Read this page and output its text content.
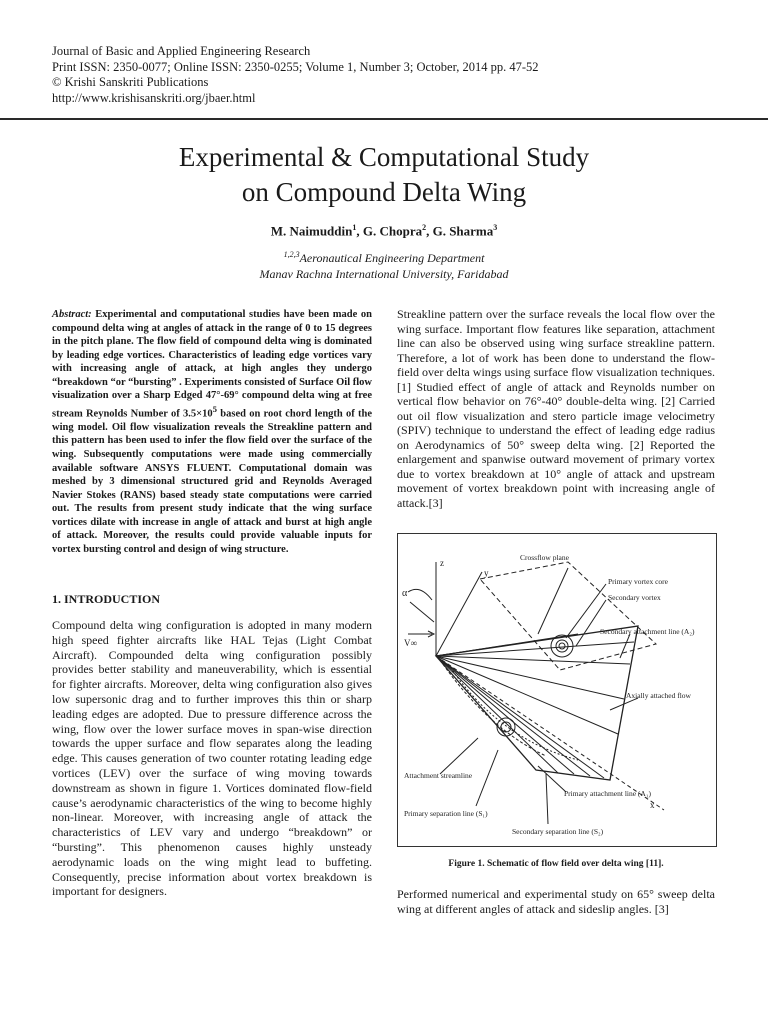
Journal of Basic and Applied Engineering Research
Print ISSN: 2350-0077; Online ISSN: 2350-0255; Volume 1, Number 3; October, 2014 pp. 47-52
© Krishi Sanskriti Publications
http://www.krishisanskriti.org/jbaer.html
Experimental & Computational Study
on Compound Delta Wing
M. Naimuddin$^1$, G. Chopra$^2$, G. Sharma$^3$
$^{1,2,3}$Aeronautical Engineering Department
Manav Rachna International University, Faridabad
Abstract: Experimental and computational studies have been made on compound delta wing at angles of attack in the range of 0 to 15 degrees in the pitch plane. The flow field of compound delta wing is dominated by leading edge vortices. Characteristics of leading edge vortices vary with increasing angle of attack, at high angles they undergo “breakdown “or “bursting” . Experiments consisted of Surface Oil flow visualization over a Sharp Edged 47°-69° compound delta wing at free stream Reynolds Number of $3.5\times 10^5$ based on root chord length of the wing model. Oil flow visualization reveals the Streakline pattern and this pattern has been used to infer the flow field over the surface of the wing. Subsequently computations were made using commercially available software ANSYS FLUENT. Computational domain was meshed by 3 dimensional structured grid and Reynolds Averaged Navier Stokes (RANS) based steady state computations were carried out. The results from present study indicate that the wing surface vortices dilate with increase in angle of attack and burst at high angle of attack. Moreover, the results could provide valuable inputs for vortex bursting control and design of wing structure.
1. INTRODUCTION
Compound delta wing configuration is adopted in many modern high speed fighter aircrafts like HAL Tejas (Light Combat Aircraft). Compounded delta wing configuration possibly provides better stability and maneuverability, which is essential for fighter aircrafts. Moreover, delta wing configuration also gives low supersonic drag and to further improves this thin or sharp leading edges are adopted. Due to pressure difference across the wing, flow over the lower surface moves in span-wise direction towards the upper surface and flow separates along the leading edge. This causes generation of two counter rotating leading edge vortices (LEV) over the surface of wing moving towards downstream as shown in figure 1. Vortices dominated flow-field cause’s aerodynamic characteristics of the wing to become highly non-linear. Moreover, with increasing angle of attack the characteristics of LEV vary and undergo “breakdown” or “bursting”. This phenomenon causes highly unsteady aerodynamic loads on the wing might lead to buffeting. Consequently, precise information about vortex breakdown is important for designers.
Streakline pattern over the surface reveals the local flow over the wing surface. Important flow features like separation, attachment line can also be observed using wing surface streakline pattern. Therefore, a lot of work has been done to understand the flow-field over delta wings using surface flow visualization techniques. [1] Studied effect of angle of attack and Reynolds number on vertical flow behavior on 76°-40° double-delta wing. [2] Carried out oil flow visualization and stero particle image velocimetry (SPIV) technique to understand the effect of leading edge radius on Aerodynamics of 50° sweep delta wing. [2] Reported the enlargement and spanwise outward movement of primary vortex due to vortex breakdown at 10° angle of attack and upstream movement of vortex breakdown point with increasing angle of attack.[3]
Crossflow plane
Primary vortex core
Secondary vortex
Secondary attachment line (A₂)
Axially attached flow
Attachment streamline
Primary attachment line (A₁)
Primary separation line (S₁)
Secondary separation line (S₂)
α
V∞
z
y
x
Figure 1. Schematic of flow field over delta wing [11].
Performed numerical and experimental study on 65° sweep delta wing at different angles of attack and sideslip angles. [3]
